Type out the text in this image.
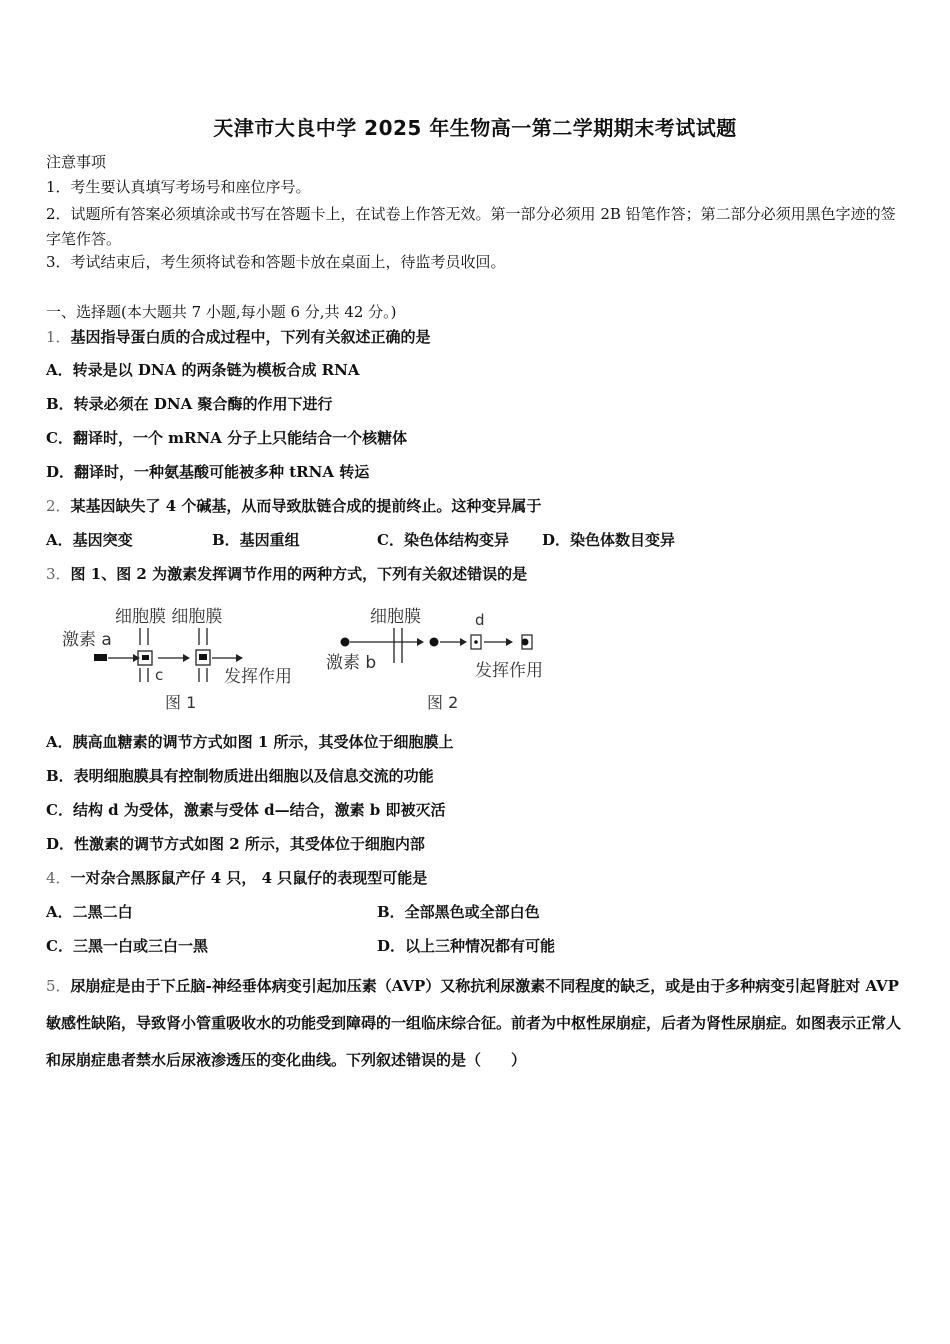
天津市大良中学 2025 年生物高一第二学期期末考试试题
注意事项
1．考生要认真填写考场号和座位序号。
2．试题所有答案必须填涂或书写在答题卡上，在试卷上作答无效。第一部分必须用 2B 铅笔作答；第二部分必须用黑色字迹的签字笔作答。
3．考试结束后，考生须将试卷和答题卡放在桌面上，待监考员收回。
一、选择题(本大题共 7 小题,每小题 6 分,共 42 分。)
1．基因指导蛋白质的合成过程中，下列有关叙述正确的是
A．转录是以 DNA 的两条链为模板合成 RNA
B．转录必须在 DNA 聚合酶的作用下进行
C．翻译时，一个 mRNA 分子上只能结合一个核糖体
D．翻译时，一种氨基酸可能被多种 tRNA 转运
2．某基因缺失了 4 个碱基，从而导致肽链合成的提前终止。这种变异属于
A．基因突变	B．基因重组	C．染色体结构变异 D．染色体数目变异
3．图 1、图 2 为激素发挥调节作用的两种方式，下列有关叙述错误的是
细胞膜 细胞膜
激素 a
c	发挥作用
图 1
细胞膜	d
激素 b	发挥作用
图 2
A．胰高血糖素的调节方式如图 1 所示，其受体位于细胞膜上
B．表明细胞膜具有控制物质进出细胞以及信息交流的功能
C．结构 d 为受体，激素与受体 d—结合，激素 b 即被灭活
D．性激素的调节方式如图 2 所示，其受体位于细胞内部
4．一对杂合黑豚鼠产仔 4 只， 4 只鼠仔的表现型可能是
A．二黑二白	B．全部黑色或全部白色
C．三黑一白或三白一黑	D．以上三种情况都有可能
5．尿崩症是由于下丘脑-神经垂体病变引起加压素（AVP）又称抗利尿激素不同程度的缺乏，或是由于多种病变引起肾脏对 AVP 敏感性缺陷，导致肾小管重吸收水的功能受到障碍的一组临床综合征。前者为中枢性尿崩症，后者为肾性尿崩症。如图表示正常人和尿崩症患者禁水后尿液渗透压的变化曲线。下列叙述错误的是（　　）
